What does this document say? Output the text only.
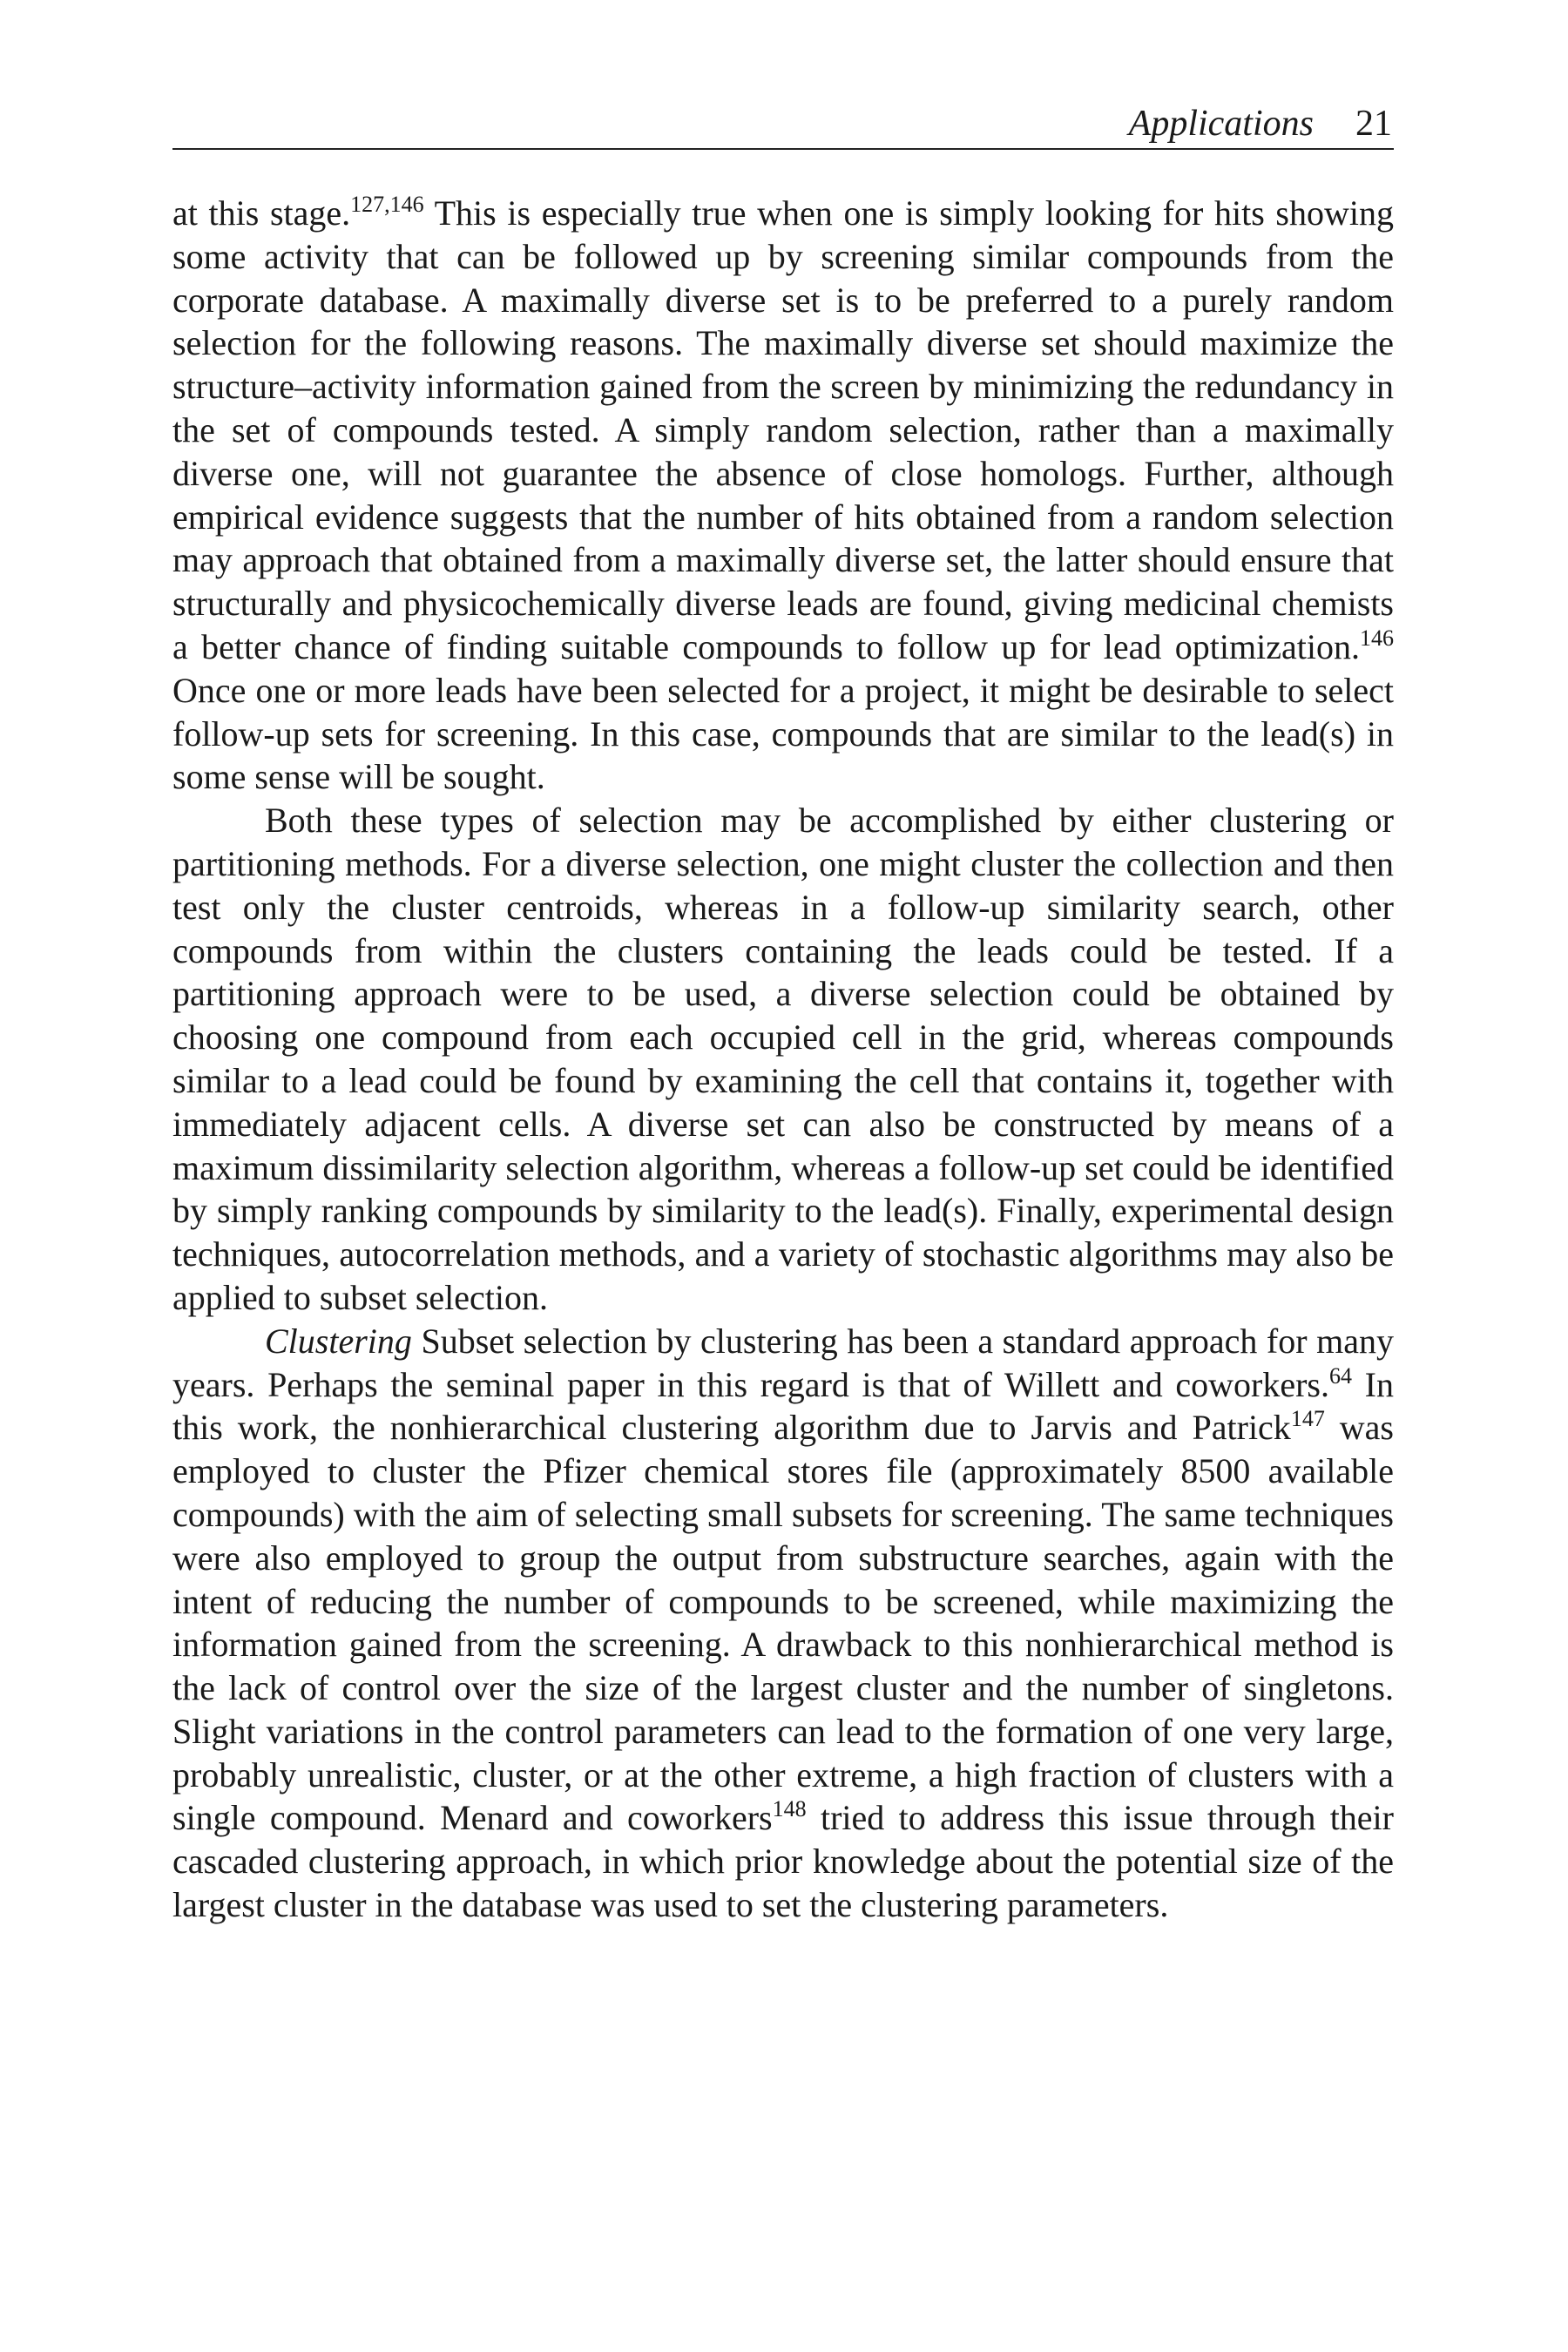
Applications 21

at this stage.$^{127,146}$ This is especially true when one is simply looking for hits showing some activity that can be followed up by screening similar compounds from the corporate database. A maximally diverse set is to be preferred to a purely random selection for the following reasons. The maximally diverse set should maximize the structure–activity information gained from the screen by minimizing the redundancy in the set of compounds tested. A simply random selection, rather than a maximally diverse one, will not guarantee the absence of close homologs. Further, although empirical evidence suggests that the number of hits obtained from a random selection may approach that obtained from a maximally diverse set, the latter should ensure that structurally and physicochemically diverse leads are found, giving medicinal chemists a better chance of finding suitable compounds to follow up for lead optimization.$^{146}$ Once one or more leads have been selected for a project, it might be desirable to select follow-up sets for screening. In this case, compounds that are similar to the lead(s) in some sense will be sought.

Both these types of selection may be accomplished by either clustering or partitioning methods. For a diverse selection, one might cluster the collection and then test only the cluster centroids, whereas in a follow-up similarity search, other compounds from within the clusters containing the leads could be tested. If a partitioning approach were to be used, a diverse selection could be obtained by choosing one compound from each occupied cell in the grid, whereas compounds similar to a lead could be found by examining the cell that contains it, together with immediately adjacent cells. A diverse set can also be constructed by means of a maximum dissimilarity selection algorithm, whereas a follow-up set could be identified by simply ranking compounds by similarity to the lead(s). Finally, experimental design techniques, autocorrelation methods, and a variety of stochastic algorithms may also be applied to subset selection.

Clustering Subset selection by clustering has been a standard approach for many years. Perhaps the seminal paper in this regard is that of Willett and coworkers.$^{64}$ In this work, the nonhierarchical clustering algorithm due to Jarvis and Patrick$^{147}$ was employed to cluster the Pfizer chemical stores file (approximately 8500 available compounds) with the aim of selecting small subsets for screening. The same techniques were also employed to group the output from substructure searches, again with the intent of reducing the number of compounds to be screened, while maximizing the information gained from the screening. A drawback to this nonhierarchical method is the lack of control over the size of the largest cluster and the number of singletons. Slight variations in the control parameters can lead to the formation of one very large, probably unrealistic, cluster, or at the other extreme, a high fraction of clusters with a single compound. Menard and coworkers$^{148}$ tried to address this issue through their cascaded clustering approach, in which prior knowledge about the potential size of the largest cluster in the database was used to set the clustering parameters.
